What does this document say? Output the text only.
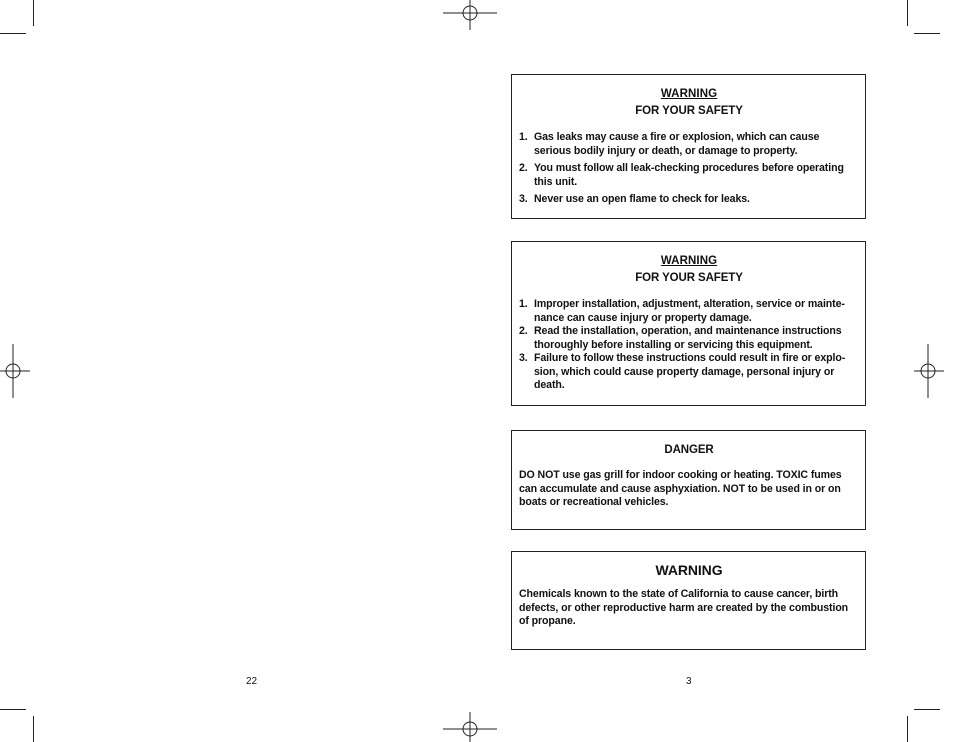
WARNING
FOR YOUR SAFETY
1. Gas leaks may cause a fire or explosion, which can cause serious bodily injury or death, or damage to property.
2. You must follow all leak-checking procedures before operating this unit.
3. Never use an open flame to check for leaks.
WARNING
FOR YOUR SAFETY
1. Improper installation, adjustment, alteration, service or mainte-nance can cause injury or property damage.
2. Read the installation, operation, and maintenance instructions thoroughly before installing or servicing this equipment.
3. Failure to follow these instructions could result in fire or explo-sion, which could cause property damage, personal injury or death.
DANGER
DO NOT use gas grill for indoor cooking or heating. TOXIC fumes can accumulate and cause asphyxiation. NOT to be used in or on boats or recreational vehicles.
WARNING
Chemicals known to the state of California to cause cancer, birth defects, or other reproductive harm are created by the combustion of propane.
22	3
